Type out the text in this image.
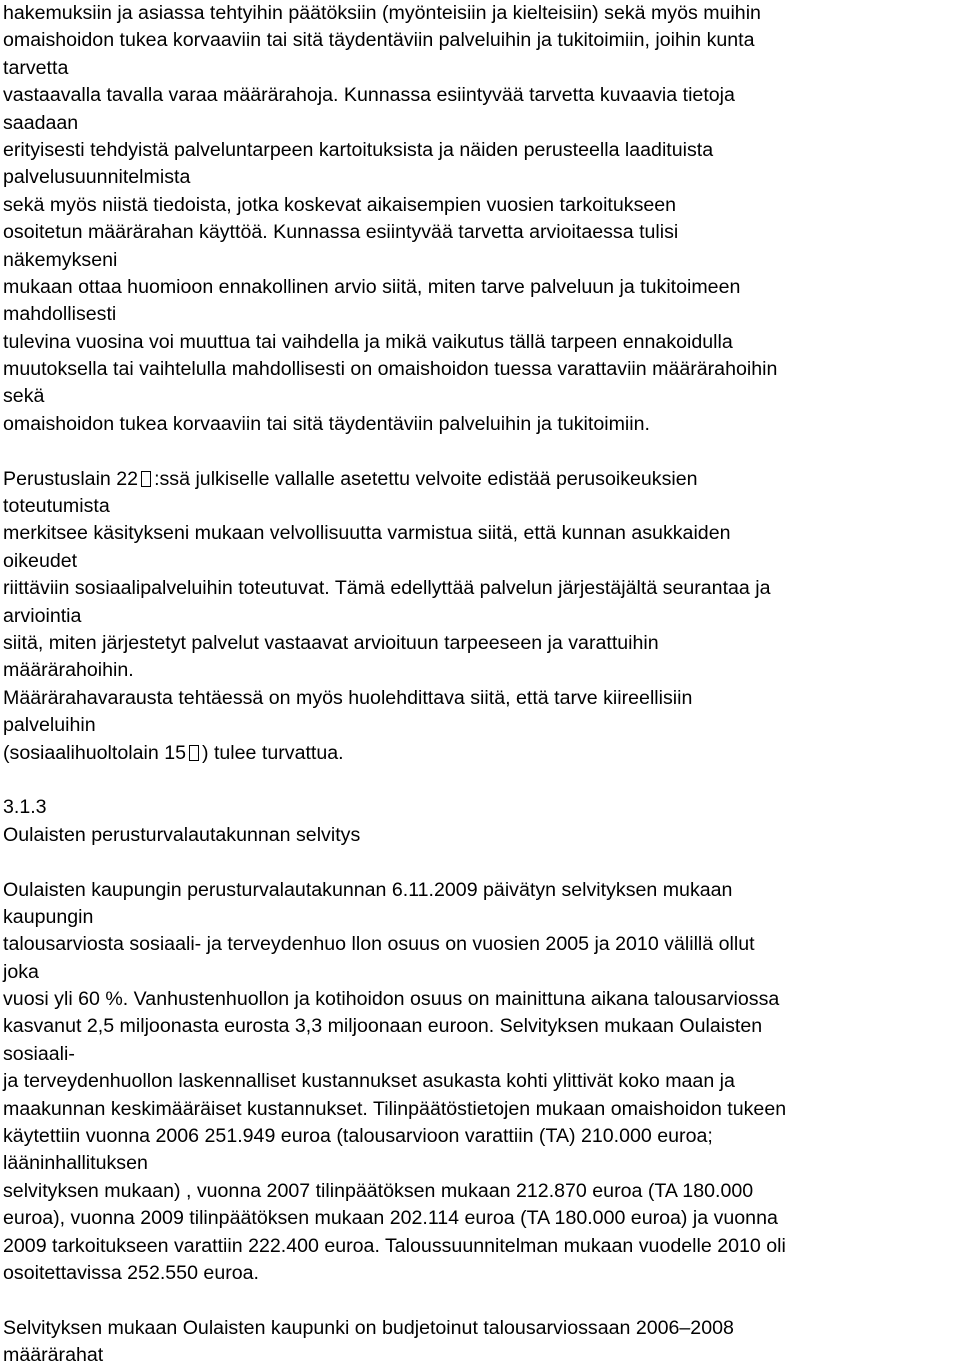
hakemuksiin ja asiassa tehtyihin päätöksiin (myönteisiin ja kielteisiin) sekä myös muihin
omaishoidon tukea korvaaviin tai sitä täydentäviin palveluihin ja tukitoimiin, joihin kunta
tarvetta
vastaavalla tavalla varaa määrärahoja. Kunnassa esiintyvää tarvetta kuvaavia tietoja
saadaan
erityisesti tehdyistä palveluntarpeen kartoituksista ja näiden perusteella laadituista
palvelusuunnitelmista
sekä myös niistä tiedoista, jotka koskevat aikaisempien vuosien tarkoitukseen
osoitetun määrärahan käyttöä. Kunnassa esiintyvää tarvetta arvioitaessa tulisi
näkemykseni
mukaan ottaa huomioon ennakollinen arvio siitä, miten tarve palveluun ja tukitoimeen
mahdollisesti
tulevina vuosina voi muuttua tai vaihdella ja mikä vaikutus tällä tarpeen ennakoidulla
muutoksella tai vaihtelulla mahdollisesti on omaishoidon tuessa varattaviin määrärahoihin
sekä
omaishoidon tukea korvaaviin tai sitä täydentäviin palveluihin ja tukitoimiin.
Perustuslain 22 :ssä julkiselle vallalle asetettu velvoite edistää perusoikeuksien
toteutumista
merkitsee käsitykseni mukaan velvollisuutta varmistua siitä, että kunnan asukkaiden
oikeudet
riittäviin sosiaalipalveluihin toteutuvat. Tämä edellyttää palvelun järjestäjältä seurantaa ja
arviointia
siitä, miten järjestetyt palvelut vastaavat arvioituun tarpeeseen ja varattuihin
määrärahoihin.
Määrärahavarausta tehtäessä on myös huolehdittava siitä, että tarve kiireellisiin
palveluihin
(sosiaalihuoltolain 15 ) tulee turvattua.
3.1.3
Oulaisten perusturvalautakunnan selvitys
Oulaisten kaupungin perusturvalautakunnan 6.11.2009 päivätyn selvityksen mukaan
kaupungin
talousarviosta sosiaali- ja terveydenhuo llon osuus on vuosien 2005 ja 2010 välillä ollut
joka
vuosi yli 60 %. Vanhustenhuollon ja kotihoidon osuus on mainittuna aikana talousarviossa
kasvanut 2,5 miljoonasta eurosta 3,3 miljoonaan euroon. Selvityksen mukaan Oulaisten
sosiaali-
ja terveydenhuollon laskennalliset kustannukset asukasta kohti ylittivät koko maan ja
maakunnan keskimääräiset kustannukset. Tilinpäätöstietojen mukaan omaishoidon tukeen
käytettiin vuonna 2006 251.949 euroa (talousarvioon varattiin (TA) 210.000 euroa;
lääninhallituksen
selvityksen mukaan) , vuonna 2007 tilinpäätöksen mukaan 212.870 euroa (TA 180.000
euroa), vuonna 2009 tilinpäätöksen mukaan 202.114 euroa (TA 180.000 euroa) ja vuonna
2009 tarkoitukseen varattiin 222.400 euroa. Taloussuunnitelman mukaan vuodelle 2010 oli
osoitettavissa 252.550 euroa.
Selvityksen mukaan Oulaisten kaupunki on budjetoinut talousarviossaan 2006–2008
määrärahat
